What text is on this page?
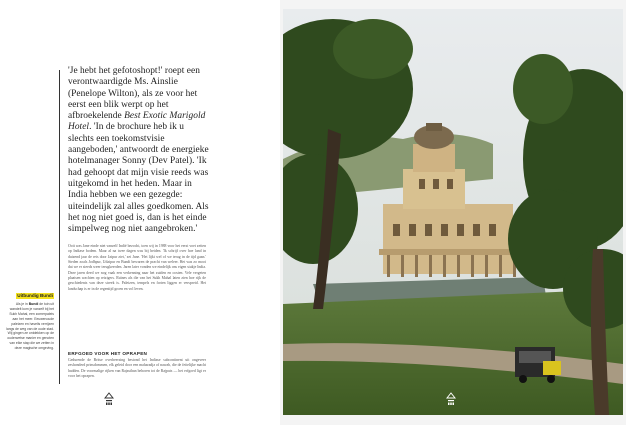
Uitbundig Bundi
Als je in Bundi de tuin uit wandelt kom je vanzelf bij het Sukh Mahal, een zomerpaleis aan het meer. Eeuwenoude paleizen en havelis verrijzen langs de weg van de oude stad. Wij gingen ze ontdekken op de ouderwetse manier en genoten van elke stap die we zetten in deze magische omgeving.
'Je hebt het gefotoshopt!' roept een verontwaardigde Ms. Ainslie (Penelope Wilton), als ze voor het eerst een blik werpt op het afbroekelende Best Exotic Marigold Hotel. 'In de brochure heb ik u slechts een toekomstvisie aangeboden,' antwoordt de energieke hotelmanager Sonny (Dev Patel). 'Ik had gehoopt dat mijn visie reeds was uitgekomd in het heden. Maar in India hebben we een gezegde: uiteindelijk zal alles goedkomen. Als het nog niet goed is, dan is het einde simpelweg nog niet aangebroken.'
Ooit was Jane einde niet vanzelf Indië bezocht, toen wij in 1988 voor het eerst voet zetten op Indiase bodem. Maar al na twee dagen was bij beiden. 'Ik schrijf over hoe land in duizend jaar de reis door Jaipur ziet,' zei Jane. 'Het lijkt wel of we terug in de tijd gaan.' Steden zoals Jodhpur, Udaipur en Bundi bewaren de pracht van weleer. Het was zo mooi dat we er steeds weer terugkeerden. Jaren later vonden we eindelijk ons eigen stukje India. Deze jaren deed we nog vaak een verkenning naar het zuiden en oosten. Vele vergeten plaatsen wachten op reizigers. Ruïnes als die van het Sukh Mahal laten zien hoe rijk de geschiedenis van deze streek is. Paleizen, tempels en forten liggen er verspreid. Het landschap is er in de regentijd groen en vol leven.
ERFGOED VOOR HET OPRAPEN
Gedurende de Britse overheersing bestond het Indiase subcontinent uit ongeveer zeshonderd prinsdommen, elk geleid door een maharadja of nawab, die de feitelijke macht hadden. De voormalige rijken van Rajasthan behoren tot de Rajputs — het erfgoed ligt er voor het oprapen.
